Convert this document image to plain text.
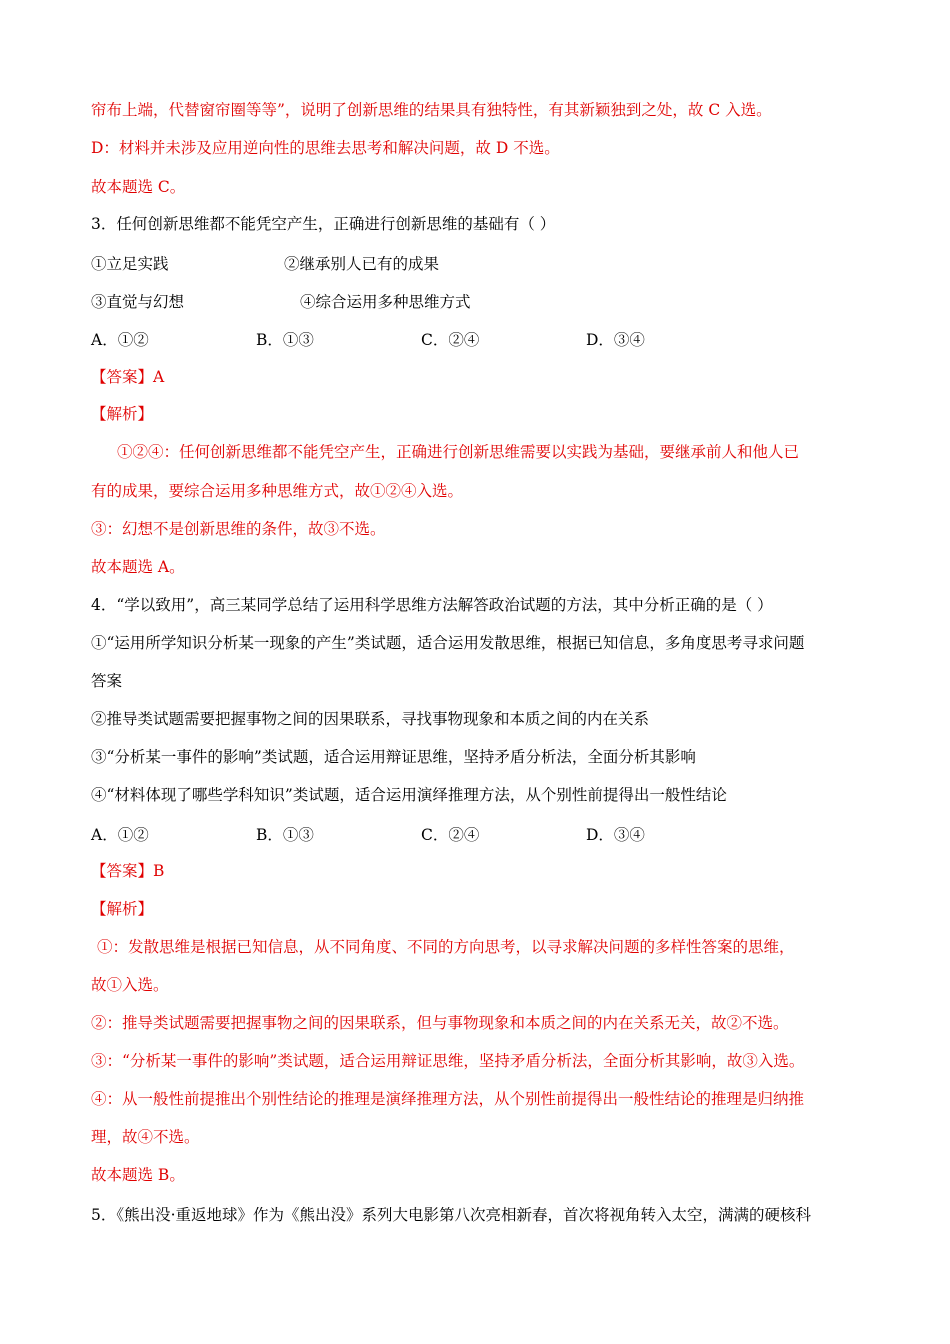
帘布上端，代替窗帘圈等等”，说明了创新思维的结果具有独特性，有其新颖独到之处，故 C 入选。
D：材料并未涉及应用逆向性的思维去思考和解决问题，故 D 不选。
故本题选 C。
3．任何创新思维都不能凭空产生，正确进行创新思维的基础有（ ）
①立足实践	②继承别人已有的成果
③直觉与幻想	④综合运用多种思维方式
A．①②	B．①③	C．②④	D．③④
【答案】A
【解析】
①②④：任何创新思维都不能凭空产生，正确进行创新思维需要以实践为基础，要继承前人和他人已
有的成果，要综合运用多种思维方式，故①②④入选。
③：幻想不是创新思维的条件，故③不选。
故本题选 A。
4．“学以致用”，高三某同学总结了运用科学思维方法解答政治试题的方法，其中分析正确的是（ ）
①“运用所学知识分析某一现象的产生”类试题，适合运用发散思维，根据已知信息，多角度思考寻求问题
答案
②推导类试题需要把握事物之间的因果联系，寻找事物现象和本质之间的内在关系
③“分析某一事件的影响”类试题，适合运用辩证思维，坚持矛盾分析法，全面分析其影响
④“材料体现了哪些学科知识”类试题，适合运用演绎推理方法，从个别性前提得出一般性结论
A．①②	B．①③	C．②④	D．③④
【答案】B
【解析】
①：发散思维是根据已知信息，从不同角度、不同的方向思考，以寻求解决问题的多样性答案的思维，
故①入选。
②：推导类试题需要把握事物之间的因果联系，但与事物现象和本质之间的内在关系无关，故②不选。
③：“分析某一事件的影响”类试题，适合运用辩证思维，坚持矛盾分析法，全面分析其影响，故③入选。
④：从一般性前提推出个别性结论的推理是演绎推理方法，从个别性前提得出一般性结论的推理是归纳推
理，故④不选。
故本题选 B。
5．《熊出没·重返地球》作为《熊出没》系列大电影第八次亮相新春，首次将视角转入太空，满满的硬核科
